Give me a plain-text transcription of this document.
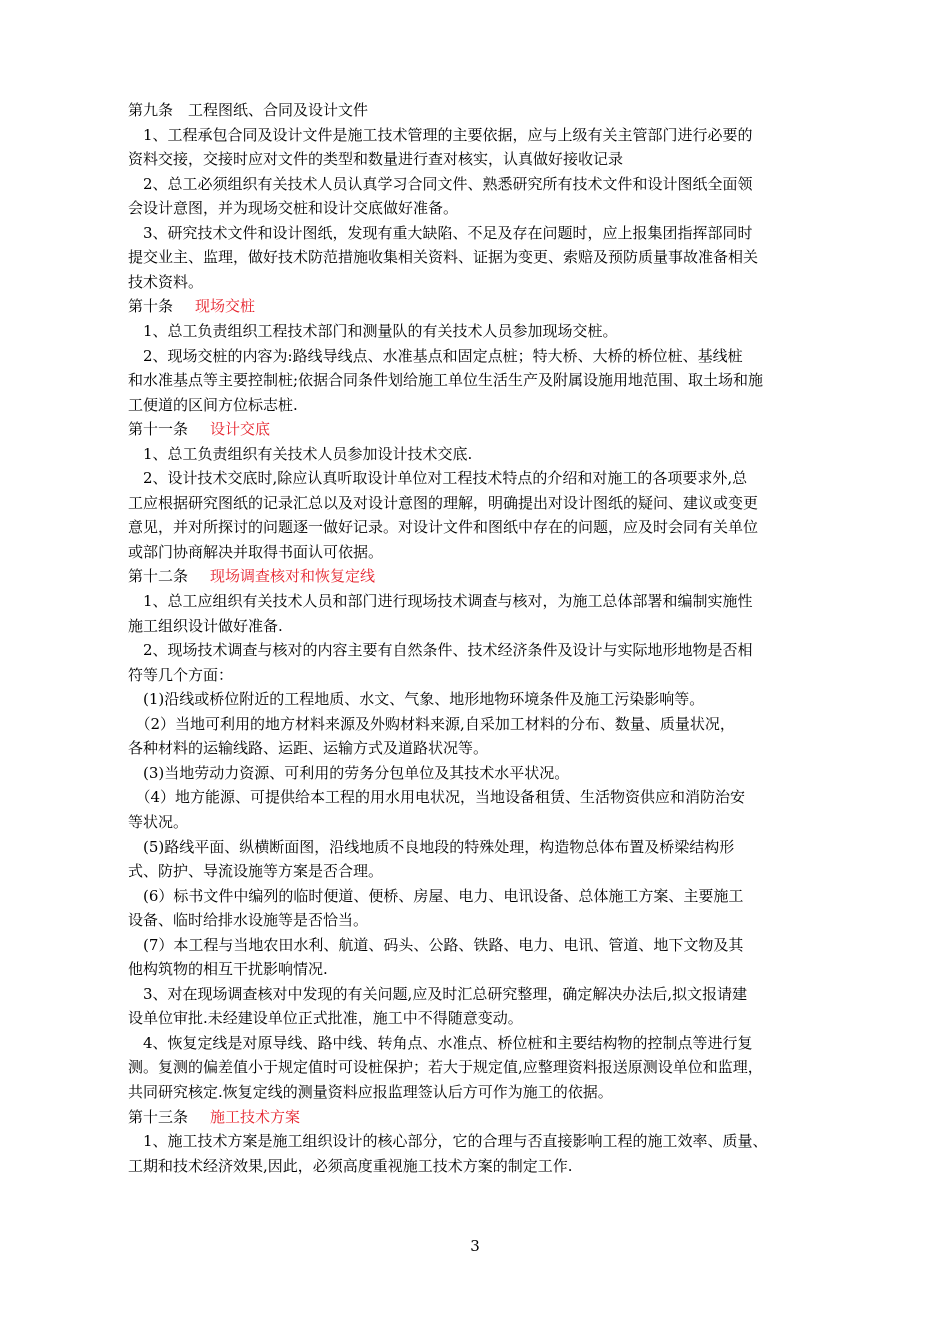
第九条　工程图纸、合同及设计文件
　1、工程承包合同及设计文件是施工技术管理的主要依据，应与上级有关主管部门进行必要的
资料交接，交接时应对文件的类型和数量进行查对核实，认真做好接收记录
　2、总工必须组织有关技术人员认真学习合同文件、熟悉研究所有技术文件和设计图纸全面领
会设计意图，并为现场交桩和设计交底做好准备。
　3、研究技术文件和设计图纸，发现有重大缺陷、不足及存在问题时，应上报集团指挥部同时
提交业主、监理，做好技术防范措施收集相关资料、证据为变更、索赔及预防质量事故准备相关
技术资料。
第十条 现场交桩
　1、总工负责组织工程技术部门和测量队的有关技术人员参加现场交桩。
　2、现场交桩的内容为:路线导线点、水准基点和固定点桩；特大桥、大桥的桥位桩、基线桩
和水准基点等主要控制桩;依据合同条件划给施工单位生活生产及附属设施用地范围、取土场和施
工便道的区间方位标志桩.
第十一条 设计交底
　1、总工负责组织有关技术人员参加设计技术交底.
　2、设计技术交底时,除应认真听取设计单位对工程技术特点的介绍和对施工的各项要求外,总
工应根据研究图纸的记录汇总以及对设计意图的理解，明确提出对设计图纸的疑问、建议或变更
意见，并对所探讨的问题逐一做好记录。对设计文件和图纸中存在的问题，应及时会同有关单位
或部门协商解决并取得书面认可依据。
第十二条 现场调查核对和恢复定线
　1、总工应组织有关技术人员和部门进行现场技术调查与核对，为施工总体部署和编制实施性
施工组织设计做好准备.
　2、现场技术调查与核对的内容主要有自然条件、技术经济条件及设计与实际地形地物是否相
符等几个方面：
　(1)沿线或桥位附近的工程地质、水文、气象、地形地物环境条件及施工污染影响等。
　（2）当地可利用的地方材料来源及外购材料来源,自采加工材料的分布、数量、质量状况，
各种材料的运输线路、运距、运输方式及道路状况等。
　(3)当地劳动力资源、可利用的劳务分包单位及其技术水平状况。
　（4）地方能源、可提供给本工程的用水用电状况，当地设备租赁、生活物资供应和消防治安
等状况。
　(5)路线平面、纵横断面图，沿线地质不良地段的特殊处理，构造物总体布置及桥梁结构形
式、防护、导流设施等方案是否合理。
　(6）标书文件中编列的临时便道、便桥、房屋、电力、电讯设备、总体施工方案、主要施工
设备、临时给排水设施等是否恰当。
　(7）本工程与当地农田水利、航道、码头、公路、铁路、电力、电讯、管道、地下文物及其
他构筑物的相互干扰影响情况.
　3、对在现场调查核对中发现的有关问题,应及时汇总研究整理，确定解决办法后,拟文报请建
设单位审批.未经建设单位正式批准，施工中不得随意变动。
　4、恢复定线是对原导线、路中线、转角点、水准点、桥位桩和主要结构物的控制点等进行复
测。复测的偏差值小于规定值时可设桩保护；若大于规定值,应整理资料报送原测设单位和监理，
共同研究核定.恢复定线的测量资料应报监理签认后方可作为施工的依据。
第十三条 施工技术方案
　1、施工技术方案是施工组织设计的核心部分，它的合理与否直接影响工程的施工效率、质量、
工期和技术经济效果,因此，必须高度重视施工技术方案的制定工作.
3
